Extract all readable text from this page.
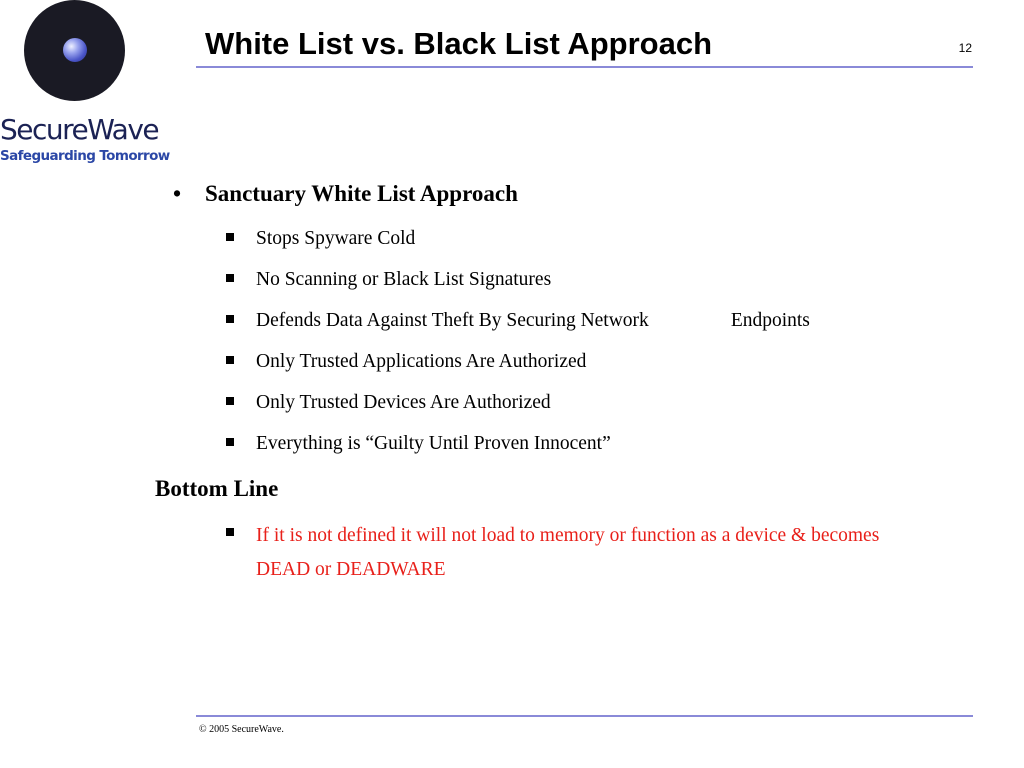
SecureWave
Safeguarding Tomorrow
White List vs. Black List Approach	12
• Sanctuary White List Approach
Stops Spyware Cold
No Scanning or Black List Signatures
Defends Data Against Theft By Securing Network	Endpoints
Only Trusted Applications Are Authorized
Only Trusted Devices Are Authorized
Everything is “Guilty Until Proven Innocent”
Bottom Line
If it is not defined it will not load to memory or function as a device & becomes
DEAD or DEADWARE
© 2005 SecureWave.
